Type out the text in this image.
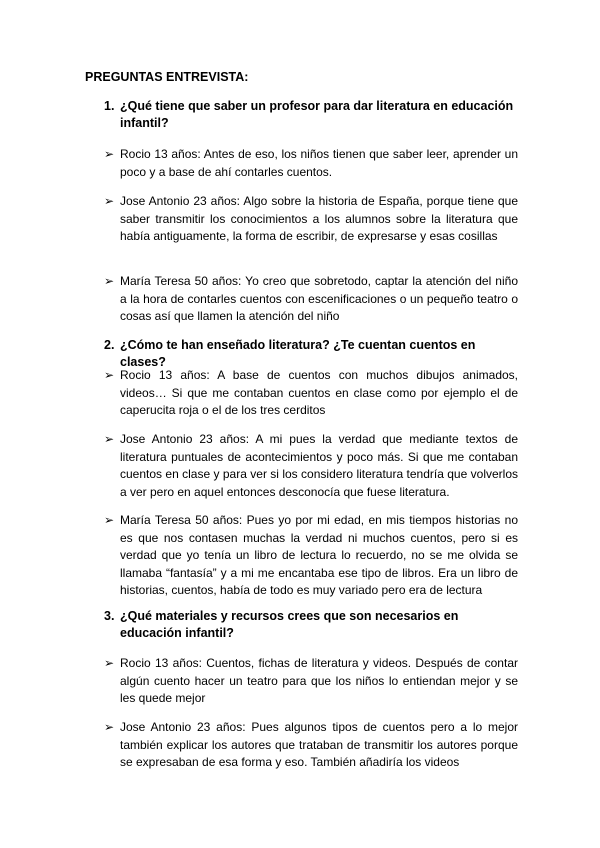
PREGUNTAS ENTREVISTA:
1. ¿Qué tiene que saber un profesor para dar literatura en educación infantil?
➢ Rocio 13 años: Antes de eso, los niños tienen que saber leer, aprender un poco y a base de ahí contarles cuentos.
➢ Jose Antonio 23 años: Algo sobre la historia de España, porque tiene que saber transmitir los conocimientos a los alumnos sobre la literatura que había antiguamente, la forma de escribir, de expresarse y esas cosillas
➢ María Teresa 50 años: Yo creo que sobretodo, captar la atención del niño a la hora de contarles cuentos con escenificaciones o un pequeño teatro o cosas así que llamen la atención del niño
2. ¿Cómo te han enseñado literatura? ¿Te cuentan cuentos en clases?
➢ Rocio 13 años: A base de cuentos con muchos dibujos animados, videos… Si que me contaban cuentos en clase como por ejemplo el de caperucita roja o el de los tres cerditos
➢ Jose Antonio 23 años: A mi pues la verdad que mediante textos de literatura puntuales de acontecimientos y poco más. Si que me contaban cuentos en clase y para ver si los considero literatura tendría que volverlos a ver pero en aquel entonces desconocía que fuese literatura.
➢ María Teresa 50 años: Pues yo por mi edad, en mis tiempos historias no es que nos contasen muchas la verdad ni muchos cuentos, pero si es verdad que yo tenía un libro de lectura lo recuerdo, no se me olvida se llamaba “fantasía” y a mi me encantaba ese tipo de libros. Era un libro de historias, cuentos, había de todo es muy variado pero era de lectura
3. ¿Qué materiales y recursos crees que son necesarios en educación infantil?
➢ Rocio 13 años: Cuentos, fichas de literatura y videos. Después de contar algún cuento hacer un teatro para que los niños lo entiendan mejor y se les quede mejor
➢ Jose Antonio 23 años: Pues algunos tipos de cuentos pero a lo mejor también explicar los autores que trataban de transmitir los autores porque se expresaban de esa forma y eso. También añadiría los videos
